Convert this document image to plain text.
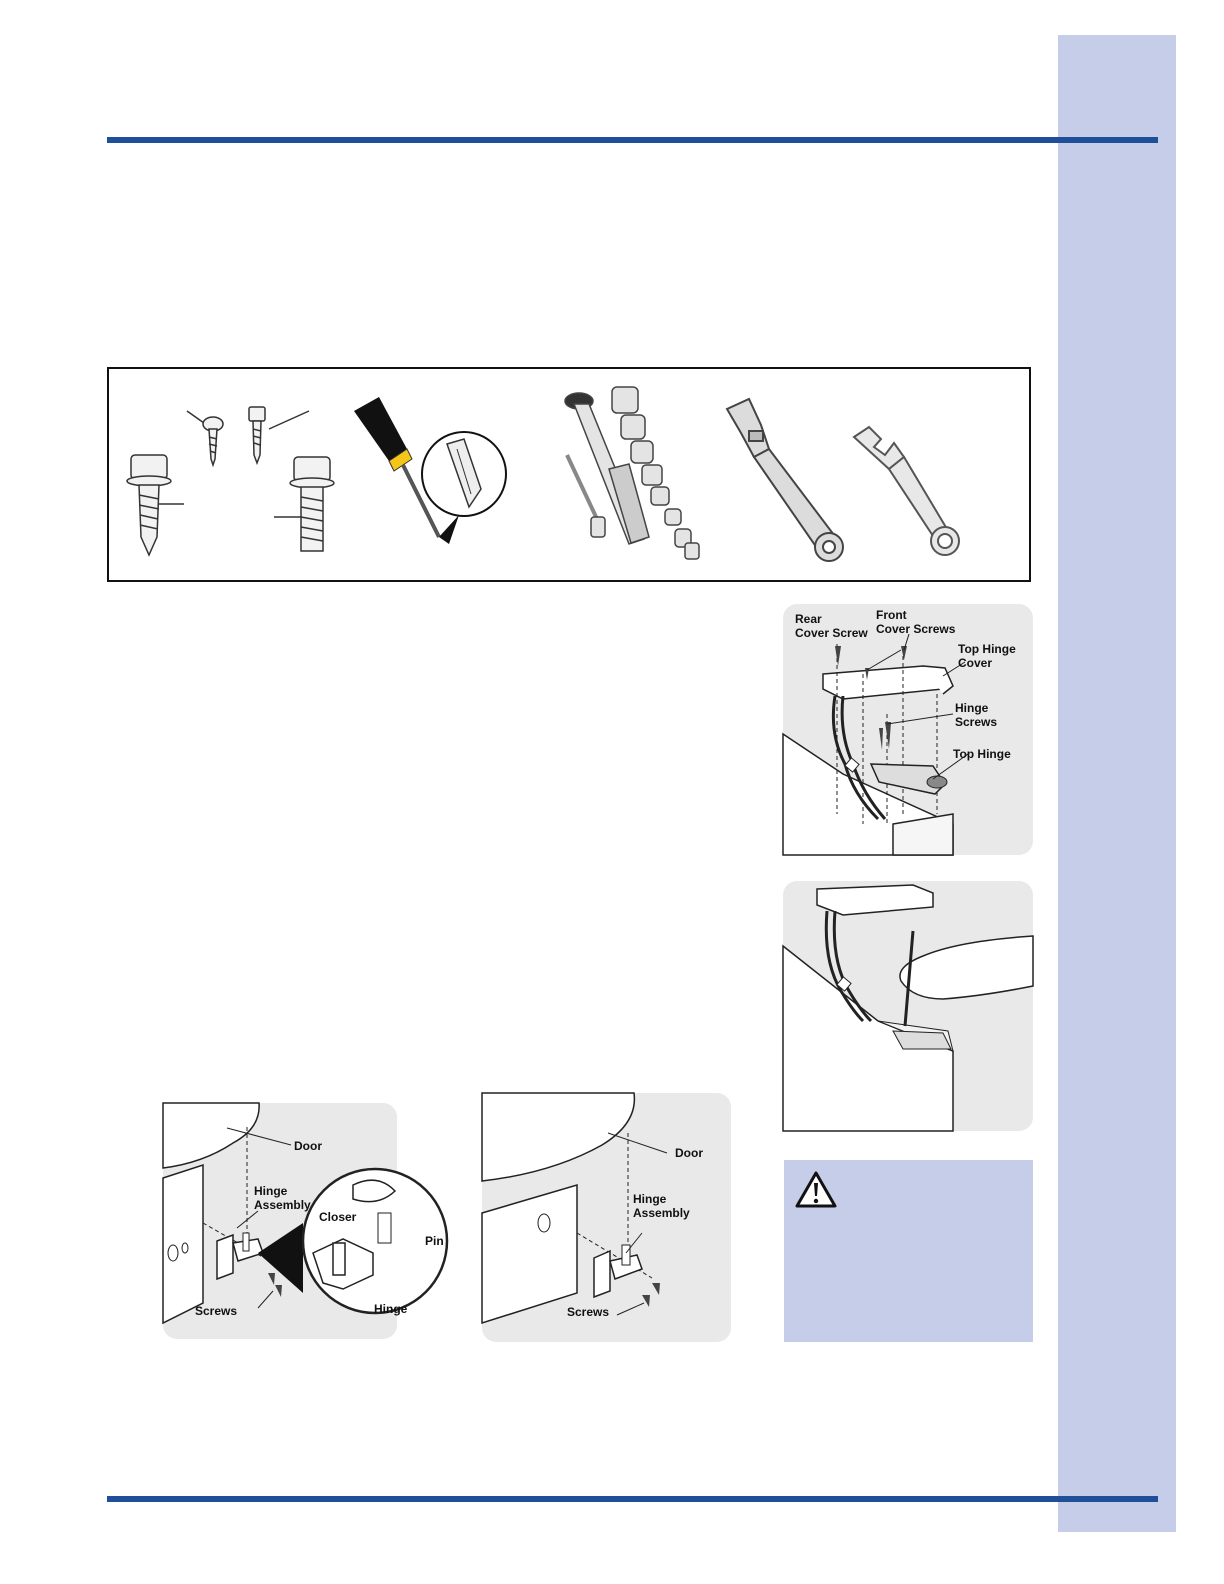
Rear
Cover Screw
Front
Cover Screws
Top Hinge
Cover
Hinge
Screws
Top Hinge
Door
Hinge
Assembly
Closer
Pin
Hinge
Screws
Door
Hinge
Assembly
Screws
